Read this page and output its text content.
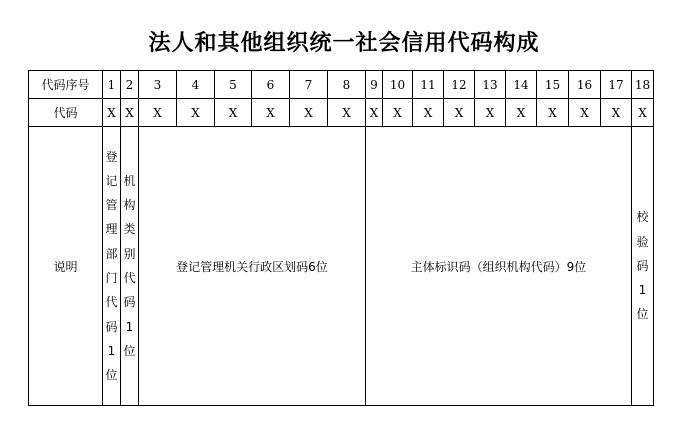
法人和其他组织统一社会信用代码构成
代码序号	1	2	3	4	5	6	7	8	9	10	11	12	13	14	15	16	17	18
代码	X	X	X	X	X	X	X	X	X	X	X	X	X	X	X	X	X	X
说明	登记管理部门代码1位	机构类别代码1位	登记管理机关行政区划码6位						主体标识码（组织机构代码）9位									校验码1位
